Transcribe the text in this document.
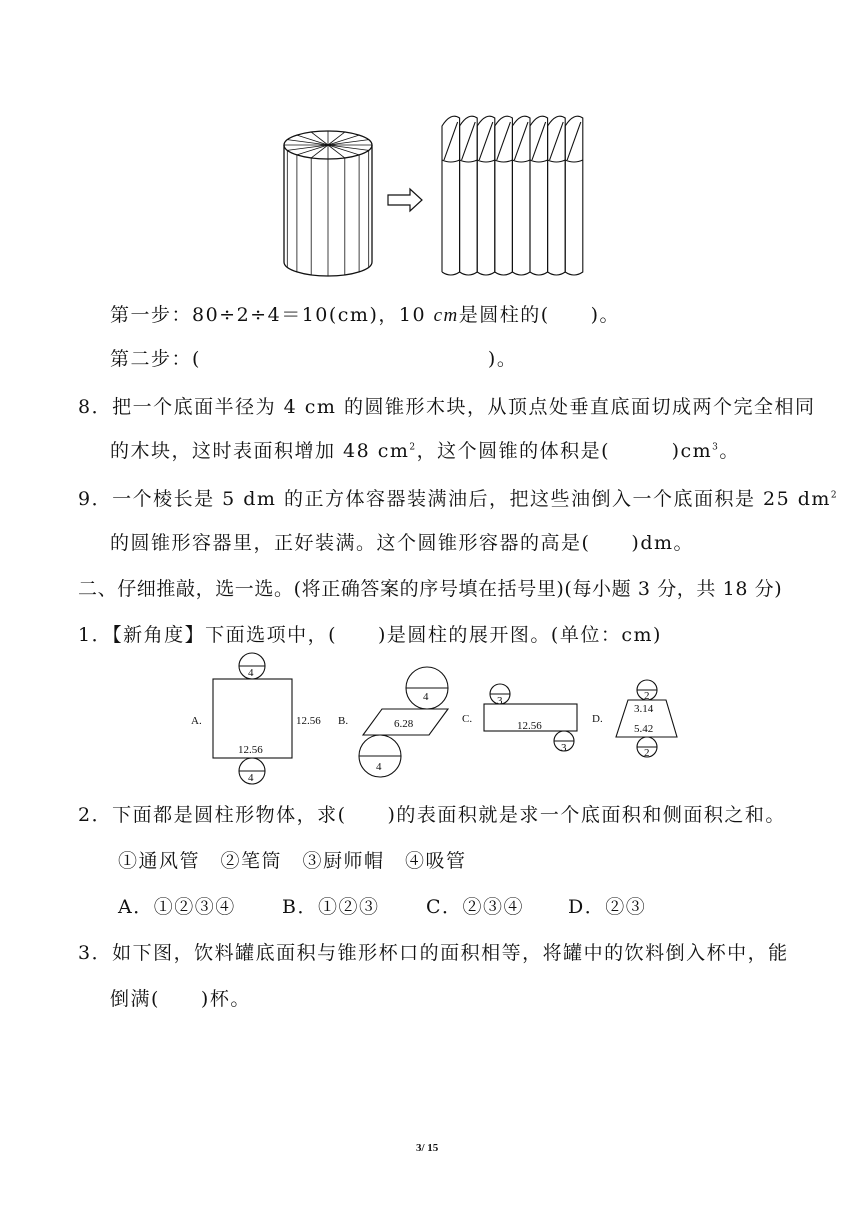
第一步：80÷2÷4＝10(cm)，10 cm是圆柱的(　　)。
第二步：(　　　　　　　　　　　　　　)。
8．把一个底面半径为 4 cm 的圆锥形木块，从顶点处垂直底面切成两个完全相同
的木块，这时表面积增加 48 $cm^2$，这个圆锥的体积是(　　　)$cm^3$。
9．一个棱长是 5 dm 的正方体容器装满油后，把这些油倒入一个底面积是 25 $dm^2$
的圆锥形容器里，正好装满。这个圆锥形容器的高是(　　)dm。
二、仔细推敲，选一选。(将正确答案的序号填在括号里)(每小题 3 分，共 18 分)
1．【新角度】下面选项中，(　　)是圆柱的展开图。(单位：cm)
A.
4
12.56
12.56
4
B.
4
6.28
4
C.
3
12.56
3
D.
2
3.14
5.42
2
2．下面都是圆柱形物体，求(　　)的表面积就是求一个底面积和侧面积之和。
①通风管　②笔筒　③厨师帽　④吸管
A．①②③④ B．①②③ C．②③④ D．②③
3．如下图，饮料罐底面积与锥形杯口的面积相等，将罐中的饮料倒入杯中，能
倒满(　　)杯。
3/ 15
